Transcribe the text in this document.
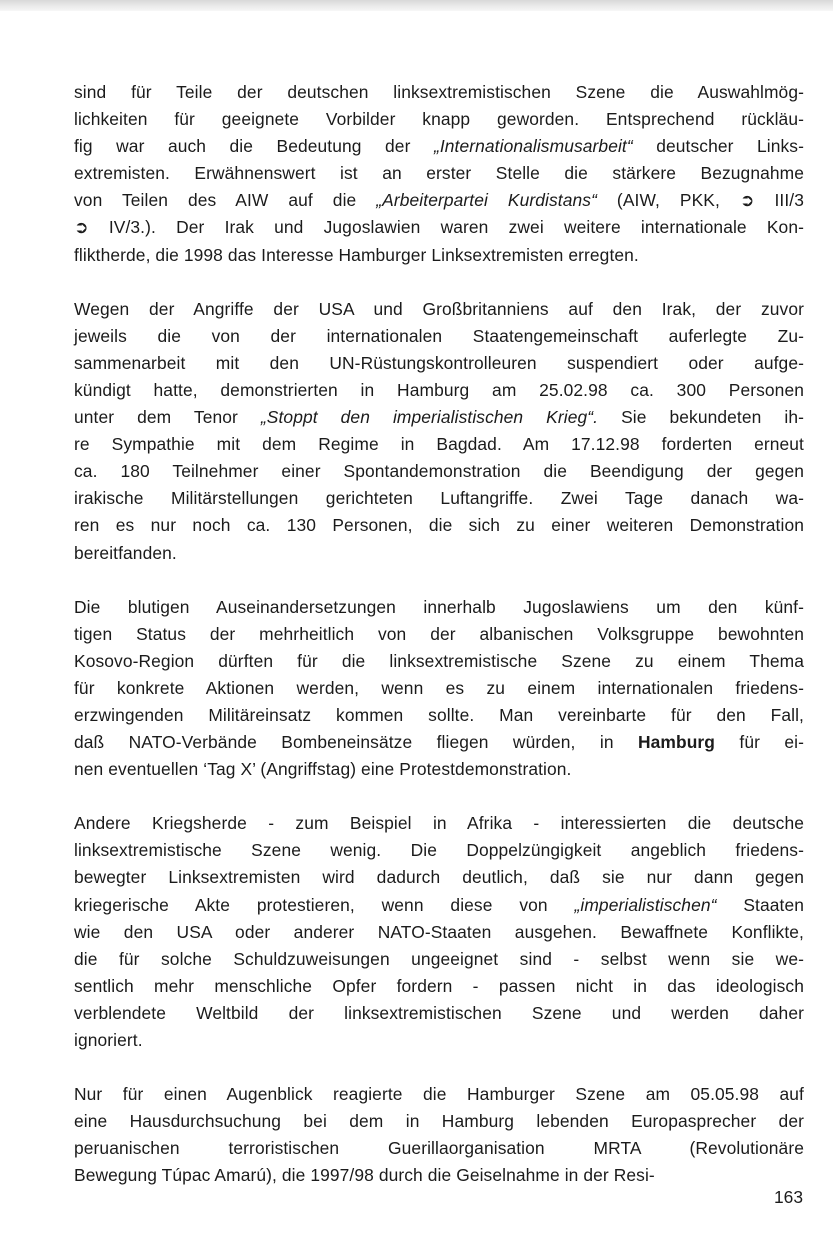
sind für Teile der deutschen linksextremistischen Szene die Auswahlmög-
lichkeiten für geeignete Vorbilder knapp geworden. Entsprechend rückläu-
fig war auch die Bedeutung der „Internationalismusarbeit“ deutscher Links-
extremisten. Erwähnenswert ist an erster Stelle die stärkere Bezugnahme
von Teilen des AIW auf die „Arbeiterpartei Kurdistans“ (AIW, PKK, ➲ III/3
➲ IV/3.). Der Irak und Jugoslawien waren zwei weitere internationale Kon-
fliktherde, die 1998 das Interesse Hamburger Linksextremisten erregten.

Wegen der Angriffe der USA und Großbritanniens auf den Irak, der zuvor
jeweils die von der internationalen Staatengemeinschaft auferlegte Zu-
sammenarbeit mit den UN-Rüstungskontrolleuren suspendiert oder aufge-
kündigt hatte, demonstrierten in Hamburg am 25.02.98 ca. 300 Personen
unter dem Tenor „Stoppt den imperialistischen Krieg“. Sie bekundeten ih-
re Sympathie mit dem Regime in Bagdad. Am 17.12.98 forderten erneut
ca. 180 Teilnehmer einer Spontandemonstration die Beendigung der gegen
irakische Militärstellungen gerichteten Luftangriffe. Zwei Tage danach wa-
ren es nur noch ca. 130 Personen, die sich zu einer weiteren Demonstration
bereitfanden.

Die blutigen Auseinandersetzungen innerhalb Jugoslawiens um den künf-
tigen Status der mehrheitlich von der albanischen Volksgruppe bewohnten
Kosovo-Region dürften für die linksextremistische Szene zu einem Thema
für konkrete Aktionen werden, wenn es zu einem internationalen friedens-
erzwingenden Militäreinsatz kommen sollte. Man vereinbarte für den Fall,
daß NATO-Verbände Bombeneinsätze fliegen würden, in Hamburg für ei-
nen eventuellen ‘Tag X’ (Angriffstag) eine Protestdemonstration.

Andere Kriegsherde - zum Beispiel in Afrika - interessierten die deutsche
linksextremistische Szene wenig. Die Doppelzüngigkeit angeblich friedens-
bewegter Linksextremisten wird dadurch deutlich, daß sie nur dann gegen
kriegerische Akte protestieren, wenn diese von „imperialistischen“ Staaten
wie den USA oder anderer NATO-Staaten ausgehen. Bewaffnete Konflikte,
die für solche Schuldzuweisungen ungeeignet sind - selbst wenn sie we-
sentlich mehr menschliche Opfer fordern - passen nicht in das ideologisch
verblendete Weltbild der linksextremistischen Szene und werden daher
ignoriert.

Nur für einen Augenblick reagierte die Hamburger Szene am 05.05.98 auf
eine Hausdurchsuchung bei dem in Hamburg lebenden Europasprecher der
peruanischen terroristischen Guerillaorganisation MRTA (Revolutionäre
Bewegung Túpac Amarú), die 1997/98 durch die Geiselnahme in der Resi-

163
